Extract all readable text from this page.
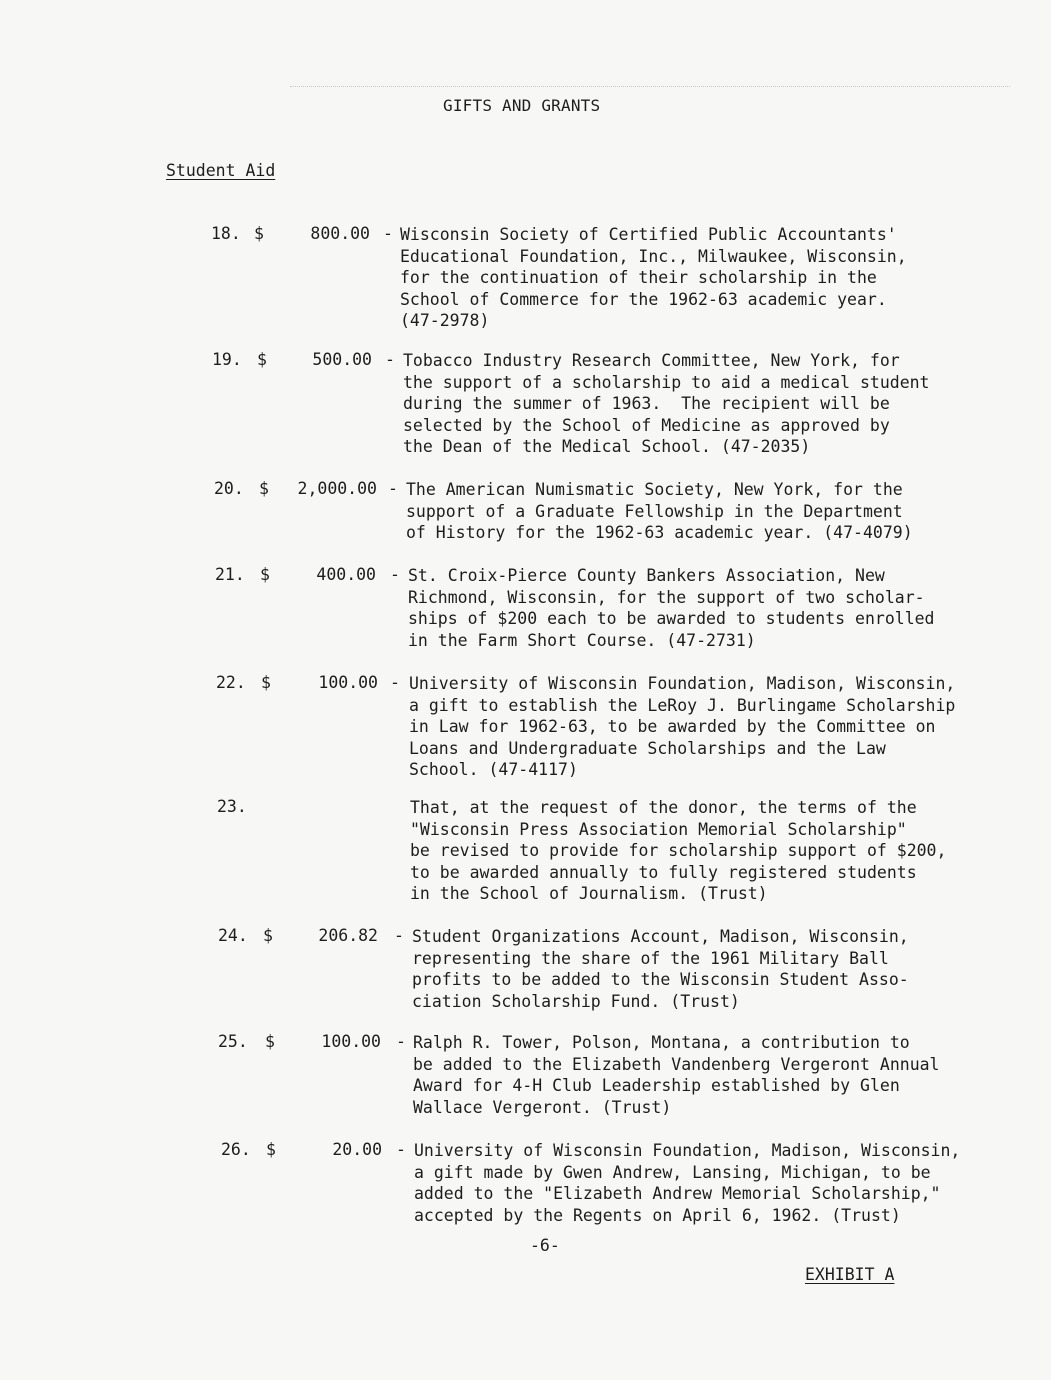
GIFTS AND GRANTS
Student Aid
18. $	800.00 - Wisconsin Society of Certified Public Accountants'
Educational Foundation, Inc., Milwaukee, Wisconsin,
for the continuation of their scholarship in the
School of Commerce for the 1962-63 academic year.
(47-2978)
19. $	500.00 - Tobacco Industry Research Committee, New York, for
the support of a scholarship to aid a medical student
during the summer of 1963.  The recipient will be
selected by the School of Medicine as approved by
the Dean of the Medical School. (47-2035)
20. $	2,000.00 - The American Numismatic Society, New York, for the
support of a Graduate Fellowship in the Department
of History for the 1962-63 academic year. (47-4079)
21. $	400.00 - St. Croix-Pierce County Bankers Association, New
Richmond, Wisconsin, for the support of two scholar-
ships of $200 each to be awarded to students enrolled
in the Farm Short Course. (47-2731)
22. $	100.00 - University of Wisconsin Foundation, Madison, Wisconsin,
a gift to establish the LeRoy J. Burlingame Scholarship
in Law for 1962-63, to be awarded by the Committee on
Loans and Undergraduate Scholarships and the Law
School. (47-4117)
23.	That, at the request of the donor, the terms of the
"Wisconsin Press Association Memorial Scholarship"
be revised to provide for scholarship support of $200,
to be awarded annually to fully registered students
in the School of Journalism. (Trust)
24. $	206.82 - Student Organizations Account, Madison, Wisconsin,
representing the share of the 1961 Military Ball
profits to be added to the Wisconsin Student Asso-
ciation Scholarship Fund. (Trust)
25. $	100.00 - Ralph R. Tower, Polson, Montana, a contribution to
be added to the Elizabeth Vandenberg Vergeront Annual
Award for 4-H Club Leadership established by Glen
Wallace Vergeront. (Trust)
26. $	20.00 - University of Wisconsin Foundation, Madison, Wisconsin,
a gift made by Gwen Andrew, Lansing, Michigan, to be
added to the "Elizabeth Andrew Memorial Scholarship,"
accepted by the Regents on April 6, 1962. (Trust)
-6-
EXHIBIT A
